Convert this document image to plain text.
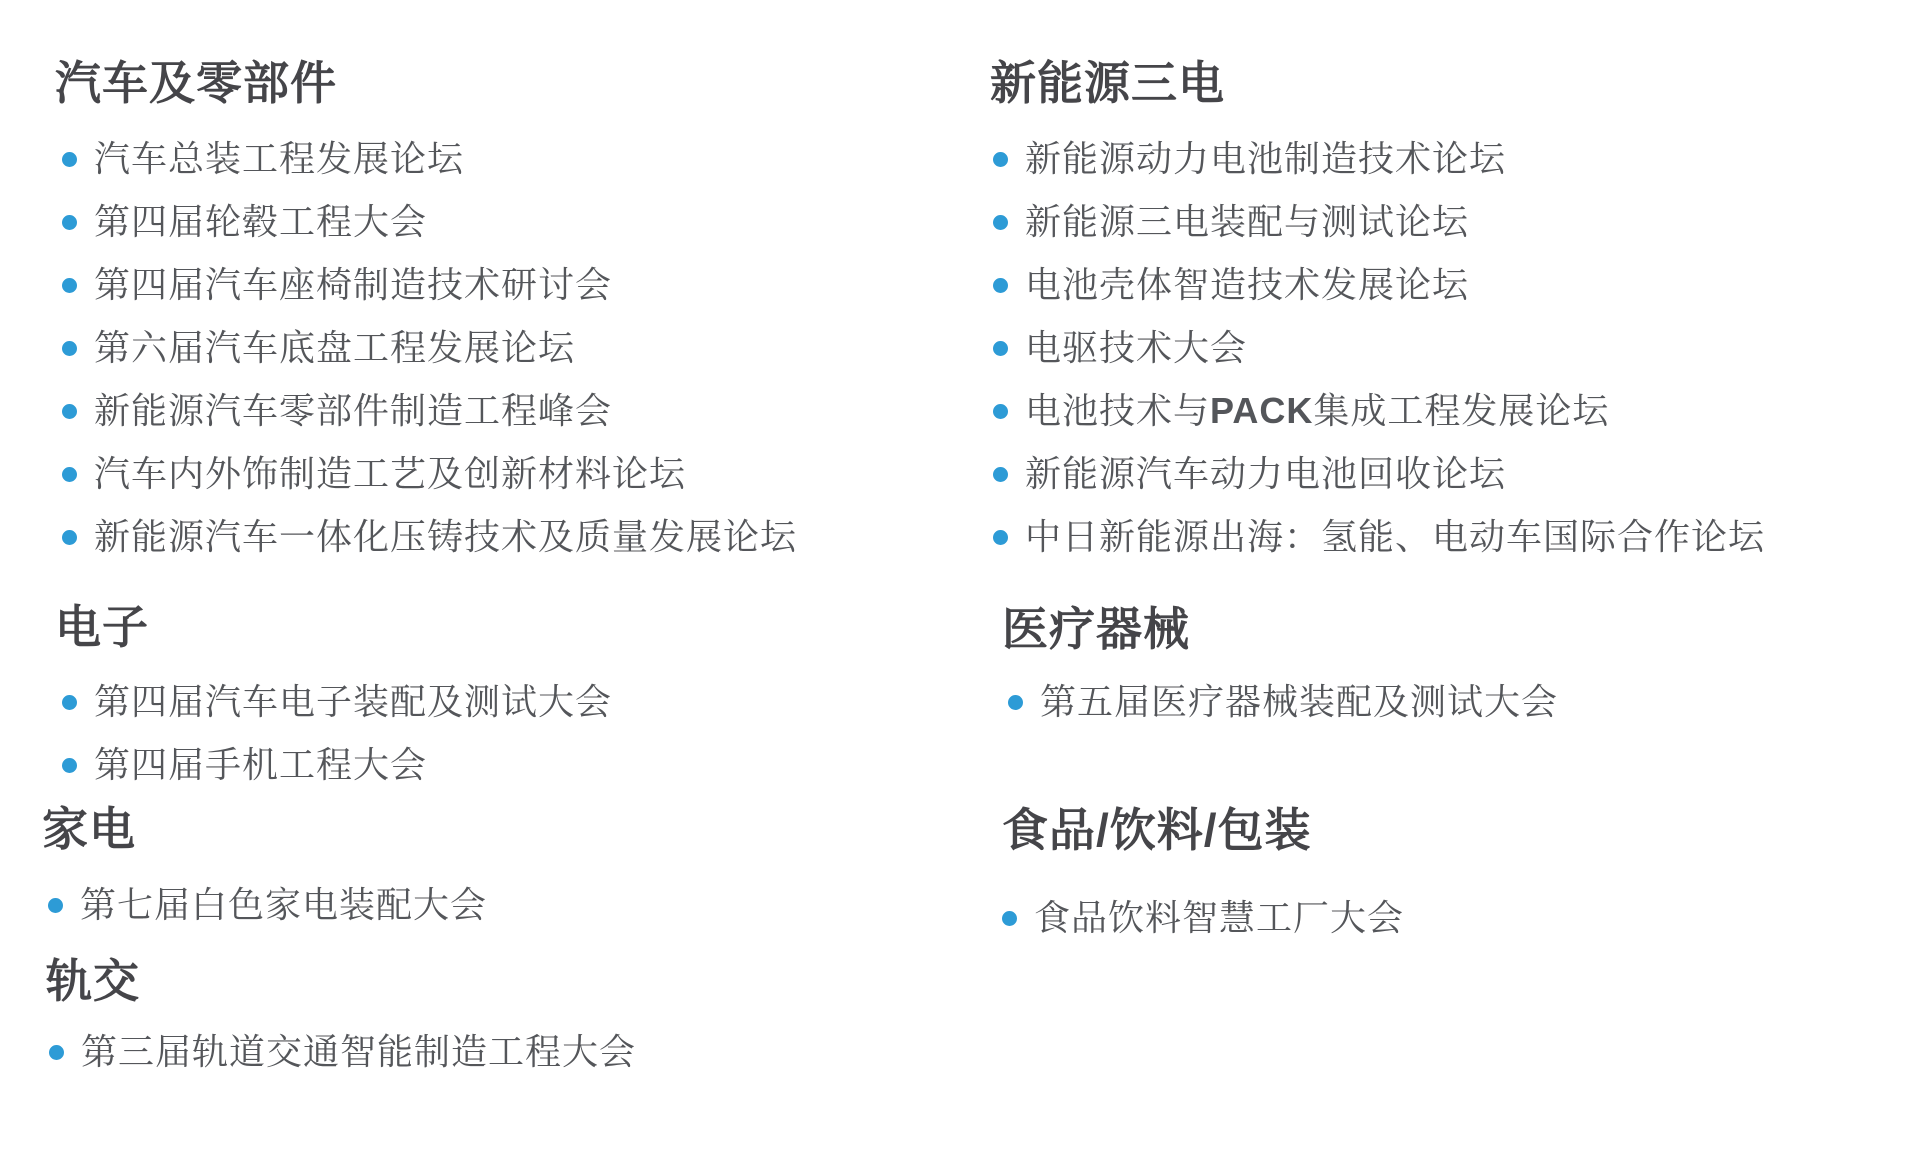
汽车及零部件
汽车总装工程发展论坛
第四届轮毂工程大会
第四届汽车座椅制造技术研讨会
第六届汽车底盘工程发展论坛
新能源汽车零部件制造工程峰会
汽车内外饰制造工艺及创新材料论坛
新能源汽车一体化压铸技术及质量发展论坛
电子
第四届汽车电子装配及测试大会
第四届手机工程大会
家电
第七届白色家电装配大会
轨交
第三届轨道交通智能制造工程大会
新能源三电
新能源动力电池制造技术论坛
新能源三电装配与测试论坛
电池壳体智造技术发展论坛
电驱技术大会
电池技术与PACK集成工程发展论坛
新能源汽车动力电池回收论坛
中日新能源出海：氢能、电动车国际合作论坛
医疗器械
第五届医疗器械装配及测试大会
食品/饮料/包装
食品饮料智慧工厂大会
